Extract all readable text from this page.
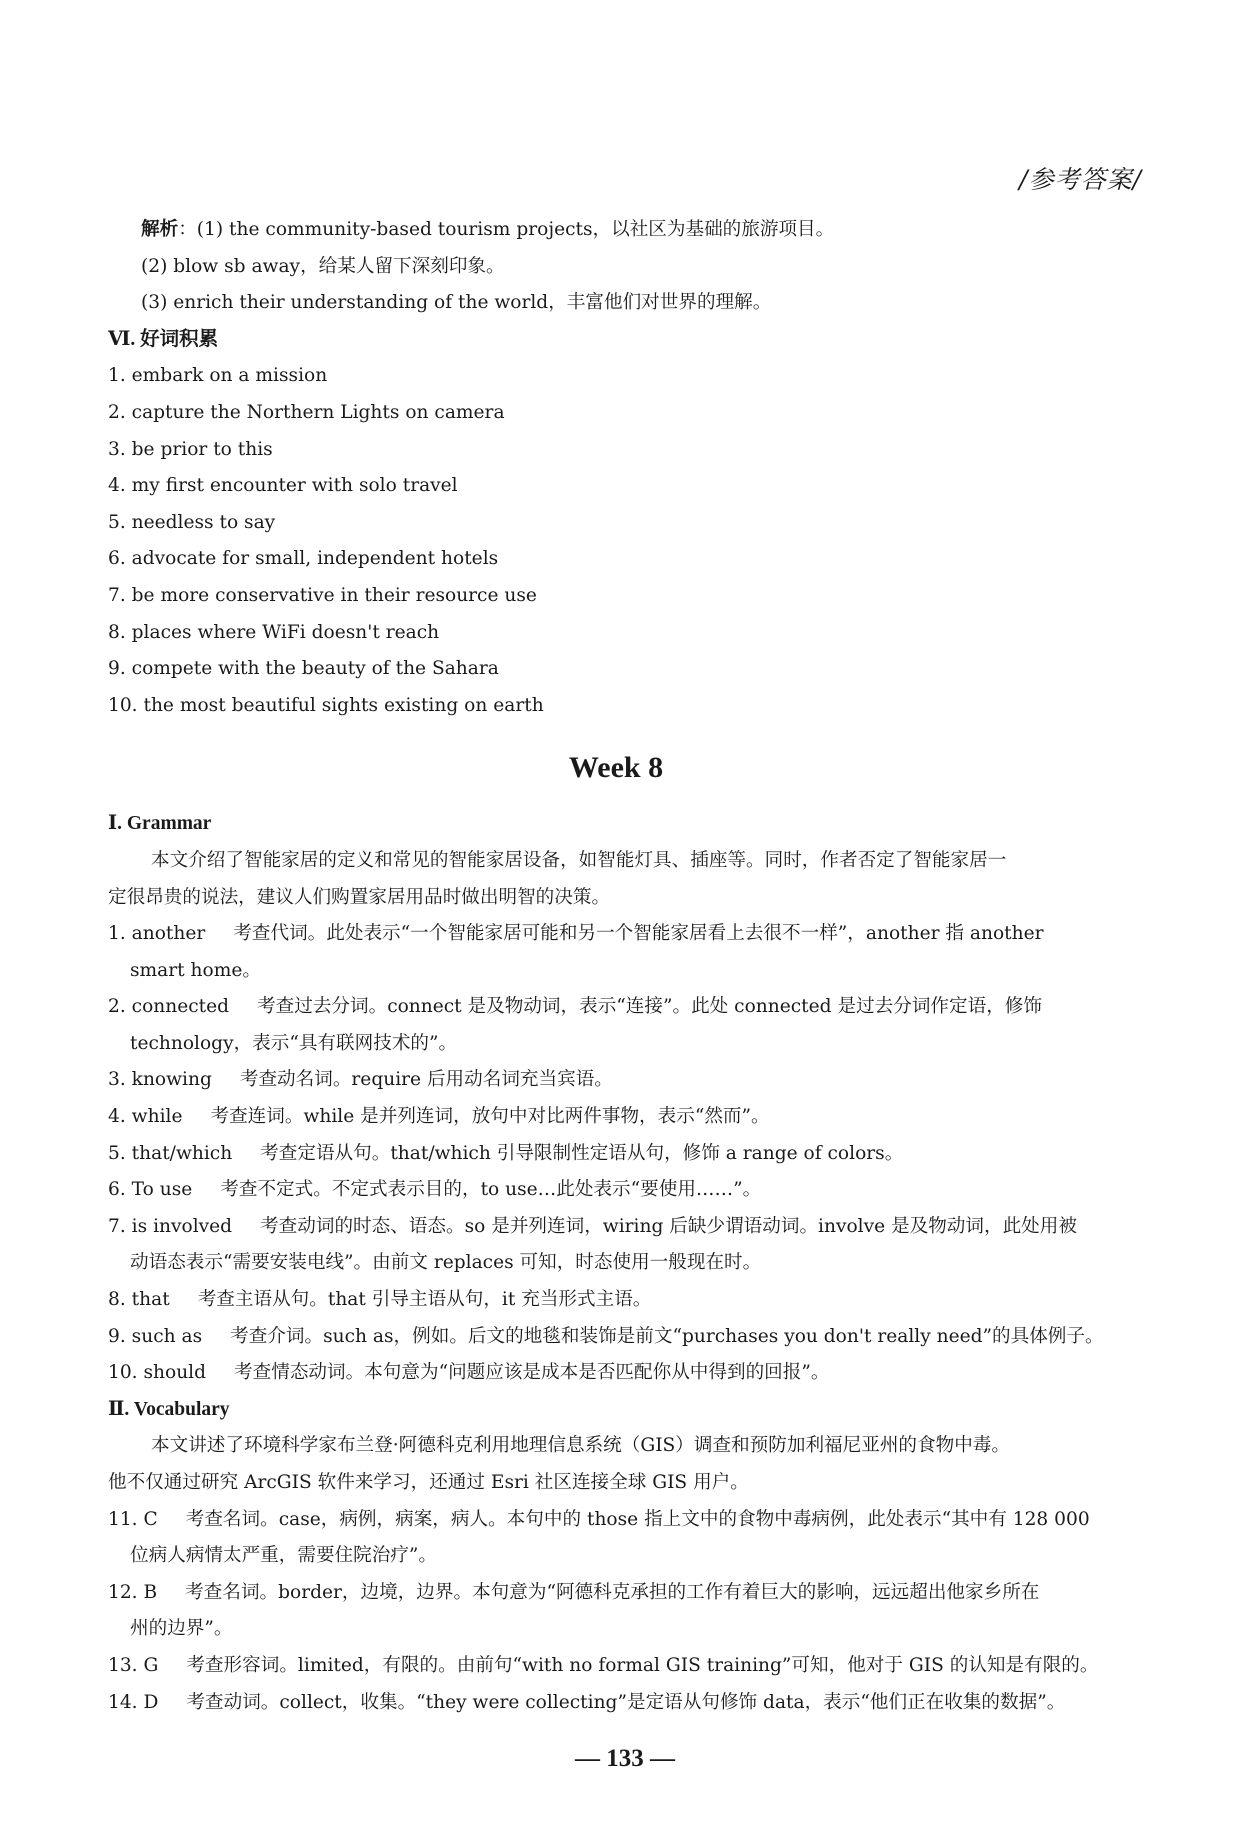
/参考答案/
解析：(1) the community-based tourism projects，以社区为基础的旅游项目。
(2) blow sb away，给某人留下深刻印象。
(3) enrich their understanding of the world，丰富他们对世界的理解。
Ⅵ. 好词积累
1. embark on a mission
2. capture the Northern Lights on camera
3. be prior to this
4. my first encounter with solo travel
5. needless to say
6. advocate for small, independent hotels
7. be more conservative in their resource use
8. places where WiFi doesn't reach
9. compete with the beauty of the Sahara
10. the most beautiful sights existing on earth
Week 8
Ⅰ. Grammar
本文介绍了智能家居的定义和常见的智能家居设备，如智能灯具、插座等。同时，作者否定了智能家居一
定很昂贵的说法，建议人们购置家居用品时做出明智的决策。
1. another 考查代词。此处表示“一个智能家居可能和另一个智能家居看上去很不一样”，another 指 another
smart home。
2. connected 考查过去分词。connect 是及物动词，表示“连接”。此处 connected 是过去分词作定语，修饰
technology，表示“具有联网技术的”。
3. knowing 考查动名词。require 后用动名词充当宾语。
4. while 考查连词。while 是并列连词，放句中对比两件事物，表示“然而”。
5. that/which 考查定语从句。that/which 引导限制性定语从句，修饰 a range of colors。
6. To use 考查不定式。不定式表示目的，to use…此处表示“要使用……”。
7. is involved 考查动词的时态、语态。so 是并列连词，wiring 后缺少谓语动词。involve 是及物动词，此处用被
动语态表示“需要安装电线”。由前文 replaces 可知，时态使用一般现在时。
8. that 考查主语从句。that 引导主语从句，it 充当形式主语。
9. such as 考查介词。such as，例如。后文的地毯和装饰是前文“purchases you don't really need”的具体例子。
10. should 考查情态动词。本句意为“问题应该是成本是否匹配你从中得到的回报”。
Ⅱ. Vocabulary
本文讲述了环境科学家布兰登·阿德科克利用地理信息系统（GIS）调查和预防加利福尼亚州的食物中毒。
他不仅通过研究 ArcGIS 软件来学习，还通过 Esri 社区连接全球 GIS 用户。
11. C 考查名词。case，病例，病案，病人。本句中的 those 指上文中的食物中毒病例，此处表示“其中有 128 000
位病人病情太严重，需要住院治疗”。
12. B 考查名词。border，边境，边界。本句意为“阿德科克承担的工作有着巨大的影响，远远超出他家乡所在
州的边界”。
13. G 考查形容词。limited，有限的。由前句“with no formal GIS training”可知，他对于 GIS 的认知是有限的。
14. D 考查动词。collect，收集。“they were collecting”是定语从句修饰 data，表示“他们正在收集的数据”。
— 133 —
